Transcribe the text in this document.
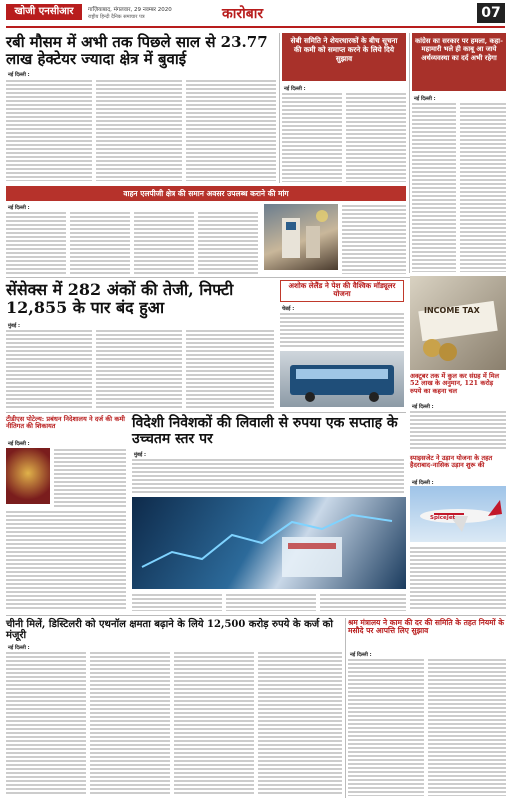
खोजी एनसीआर	गाज़ियाबाद, मंगलवार, 29 नवम्बर 2020
राष्ट्रीय हिन्दी दैनिक समाचार पत्र	कारोबार	07
रबी मौसम में अभी तक पिछले साल से 23.77 लाख हेक्टेयर ज्यादा क्षेत्र में बुवाई
नई दिल्ली :
सेबी समिति ने शेयरधारकों के बीच सूचना की कमी को समाप्त करने के लिये दिये सुझाव
नई दिल्ली :
कांग्रेस का सरकार पर हमला, कहा- महामारी भले ही काबू आ जाये अर्थव्यवस्था का दर्द अभी रहेगा
नई दिल्ली :
वाहन एलपीजी क्षेत्र की समान अवसर उपलब्ध कराने की मांग
नई दिल्ली :
सेंसेक्स में 282 अंकों की तेजी, निफ्टी 12,855 के पार बंद हुआ
मुंबई :
अशोक लेलैंड ने पेश की वैश्विक मॉड्यूलर योजना
चेन्नई :	INCOME TAX
अक्टूबर तक में कुल कर संग्रह में मिल 52 लाख के अनुमान, 121 करोड़ रुपये का कहना चल
नई दिल्ली :
टीडीएस पोटेल्य: प्रबंधन निदेशालय ने दर्ज की कमी नीतिगत की शिकायत
नई दिल्ली :
विदेशी निवेशकों की लिवाली से रुपया एक सप्ताह के उच्चतम स्तर पर
मुंबई :	स्पाइसजेट ने उड़ान योजना के तहत हैदराबाद-नासिक उड़ान शुरू की
नई दिल्ली :
SpiceJet
चीनी मिलें, डिस्टिलरी को एथनॉल क्षमता बढ़ाने के लिये 12,500 करोड़ रुपये के कर्ज को मंजूरी
नई दिल्ली :
श्रम मंत्रालय ने काम की दर की समिति के तहत नियमों के मसौदे पर आपत्ति लिए सुझाव
नई दिल्ली :
